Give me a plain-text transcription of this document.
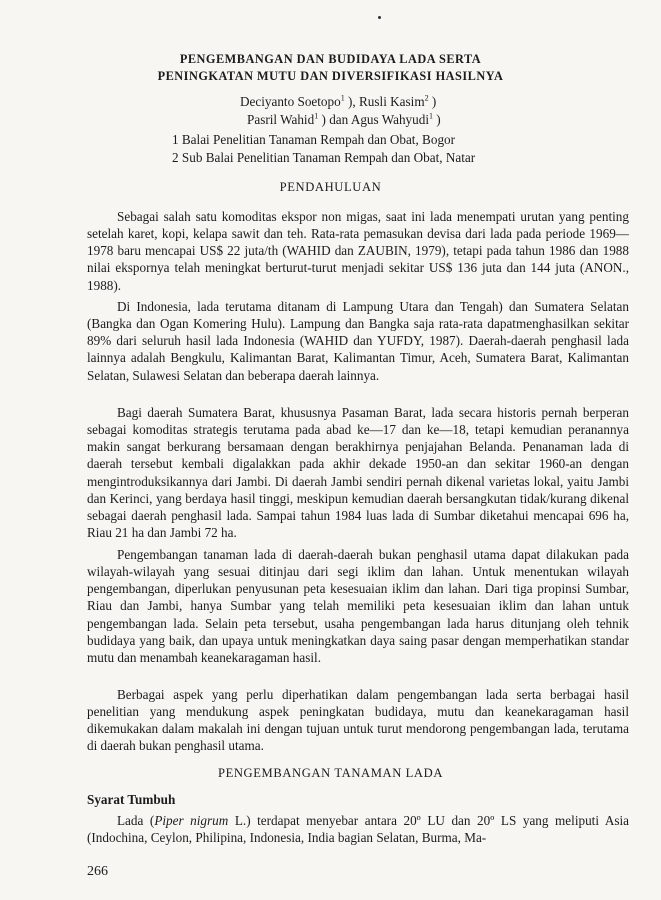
PENGEMBANGAN DAN BUDIDAYA LADA SERTA
PENINGKATAN MUTU DAN DIVERSIFIKASI HASILNYA
Deciyanto Soetopo$^1$ ), Rusli Kasim$^2$ )
Pasril Wahid$^1$ ) dan Agus Wahyudi$^1$ )
1 Balai Penelitian Tanaman Rempah dan Obat, Bogor
2 Sub Balai Penelitian Tanaman Rempah dan Obat, Natar
PENDAHULUAN
Sebagai salah satu komoditas ekspor non migas, saat ini lada menempati urutan yang penting setelah karet, kopi, kelapa sawit dan teh. Rata-rata pemasukan devisa dari lada pada periode 1969—1978 baru mencapai US$ 22 juta/th (WAHID dan ZAUBIN, 1979), tetapi pada tahun 1986 dan 1988 nilai ekspornya telah meningkat berturut-turut menjadi sekitar US$ 136 juta dan 144 juta (ANON., 1988).
Di Indonesia, lada terutama ditanam di Lampung Utara dan Tengah) dan Sumatera Selatan (Bangka dan Ogan Komering Hulu). Lampung dan Bangka saja rata-rata dapatmenghasilkan sekitar 89% dari seluruh hasil lada Indonesia (WAHID dan YUFDY, 1987). Daerah-daerah penghasil lada lainnya adalah Bengkulu, Kalimantan Barat, Kalimantan Timur, Aceh, Sumatera Barat, Kalimantan Selatan, Sulawesi Selatan dan beberapa daerah lainnya.
Bagi daerah Sumatera Barat, khususnya Pasaman Barat, lada secara historis pernah berperan sebagai komoditas strategis terutama pada abad ke—17 dan ke—18, tetapi kemudian peranannya makin sangat berkurang bersamaan dengan berakhirnya penjajahan Belanda. Penanaman lada di daerah tersebut kembali digalakkan pada akhir dekade 1950-an dan sekitar 1960-an dengan mengintroduksikannya dari Jambi. Di daerah Jambi sendiri pernah dikenal varietas lokal, yaitu Jambi dan Kerinci, yang berdaya hasil tinggi, meskipun kemudian daerah bersangkutan tidak/kurang dikenal sebagai daerah penghasil lada. Sampai tahun 1984 luas lada di Sumbar diketahui mencapai 696 ha, Riau 21 ha dan Jambi 72 ha.
Pengembangan tanaman lada di daerah-daerah bukan penghasil utama dapat dilakukan pada wilayah-wilayah yang sesuai ditinjau dari segi iklim dan lahan. Untuk menentukan wilayah pengembangan, diperlukan penyusunan peta kesesuaian iklim dan lahan. Dari tiga propinsi Sumbar, Riau dan Jambi, hanya Sumbar yang telah memiliki peta kesesuaian iklim dan lahan untuk pengembangan lada. Selain peta tersebut, usaha pengembangan lada harus ditunjang oleh tehnik budidaya yang baik, dan upaya untuk meningkatkan daya saing pasar dengan memperhatikan standar mutu dan menambah keanekaragaman hasil.
Berbagai aspek yang perlu diperhatikan dalam pengembangan lada serta berbagai hasil penelitian yang mendukung aspek peningkatan budidaya, mutu dan keanekaragaman hasil dikemukakan dalam makalah ini dengan tujuan untuk turut mendorong pengembangan lada, terutama di daerah bukan penghasil utama.
PENGEMBANGAN TANAMAN LADA
Syarat Tumbuh
Lada (Piper nigrum L.) terdapat menyebar antara 20º LU dan 20º LS yang meliputi Asia (Indochina, Ceylon, Philipina, Indonesia, India bagian Selatan, Burma, Ma-
266
